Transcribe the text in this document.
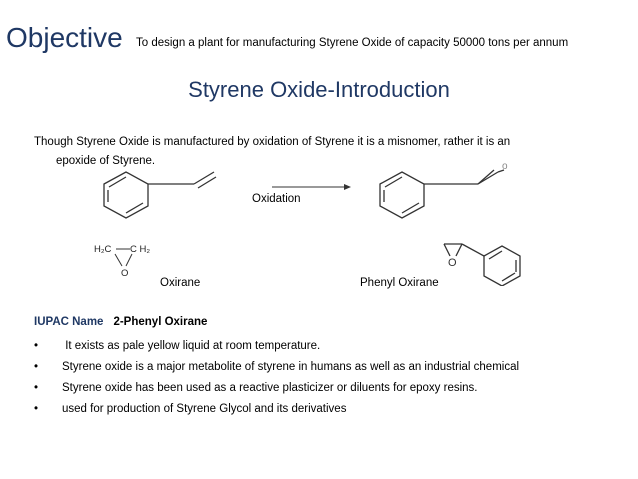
Objective To design a plant for manufacturing Styrene Oxide of capacity 50000 tons per annum
Styrene Oxide-Introduction
Though Styrene Oxide is manufactured by oxidation of Styrene it is a misnomer, rather it is an
epoxide of Styrene.
Oxidation
o
H₂C C H₂
O
Oxirane
O
Phenyl Oxirane
IUPAC Name 2-Phenyl Oxirane
• It exists as pale yellow liquid at room temperature.
• Styrene oxide is a major metabolite of styrene in humans as well as an industrial chemical
• Styrene oxide has been used as a reactive plasticizer or diluents for epoxy resins.
• used for production of Styrene Glycol and its derivatives
